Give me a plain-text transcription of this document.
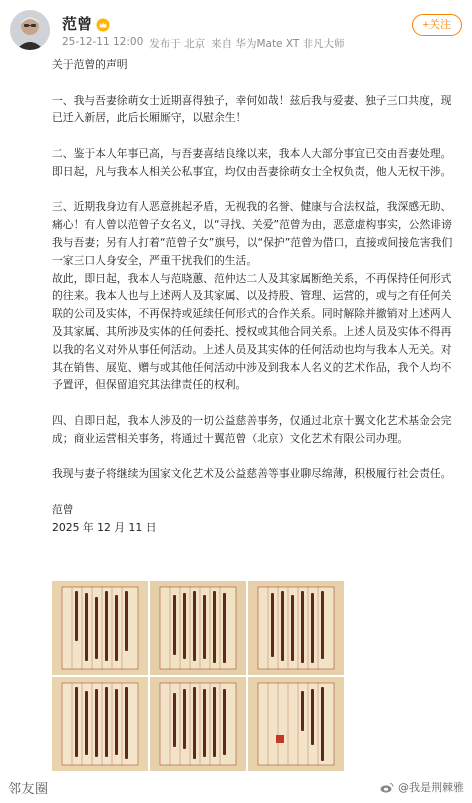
范曾
25-12-11 12:00 发布于 北京 来自 华为Mate XT 非凡大师
+关注
关于范曾的声明
一、我与吾妻徐萌女士近期喜得独子，幸何如哉！兹后我与爱妻、独子三口共度，现已迁入新居，此后长厢厮守，以慰余生！
二、鉴于本人年事已高，与吾妻喜结良缘以来，我本人大部分事宜已交由吾妻处理。即日起，凡与我本人相关公私事宜，均仅由吾妻徐萌女士全权负责，他人无权干涉。
三、近期我身边有人恶意挑起矛盾，无视我的名誉、健康与合法权益，我深感无助、痛心！有人曾以范曾子女名义，以“寻找、关爱”范曾为由，恶意虚构事实，公然诽谤我与吾妻；另有人打着“范曾子女”旗号，以“保护”范曾为借口，直接或间接危害我们一家三口人身安全，严重干扰我们的生活。
故此，即日起，我本人与范晓蕙、范仲达二人及其家属断绝关系，不再保持任何形式的往来。我本人也与上述两人及其家属、以及持股、管理、运营的，或与之有任何关联的公司及实体，不再保持或延续任何形式的合作关系。同时解除并撤销对上述两人及其家属、其所涉及实体的任何委托、授权或其他合同关系。上述人员及实体不得再以我的名义对外从事任何活动。上述人员及其实体的任何活动也均与我本人无关。对其在销售、展览、赠与或其他任何活动中涉及到我本人名义的艺术作品，我个人均不予置评，但保留追究其法律责任的权利。
四、自即日起，我本人涉及的一切公益慈善事务，仅通过北京十翼文化艺术基金会完成；商业运营相关事务，将通过十翼范曾（北京）文化艺术有限公司办理。
我现与妻子将继续为国家文化艺术及公益慈善等事业聊尽绵薄，积极履行社会责任。
范曾
2025 年 12 月 11 日
邻友圈	@我是荆棘雅
